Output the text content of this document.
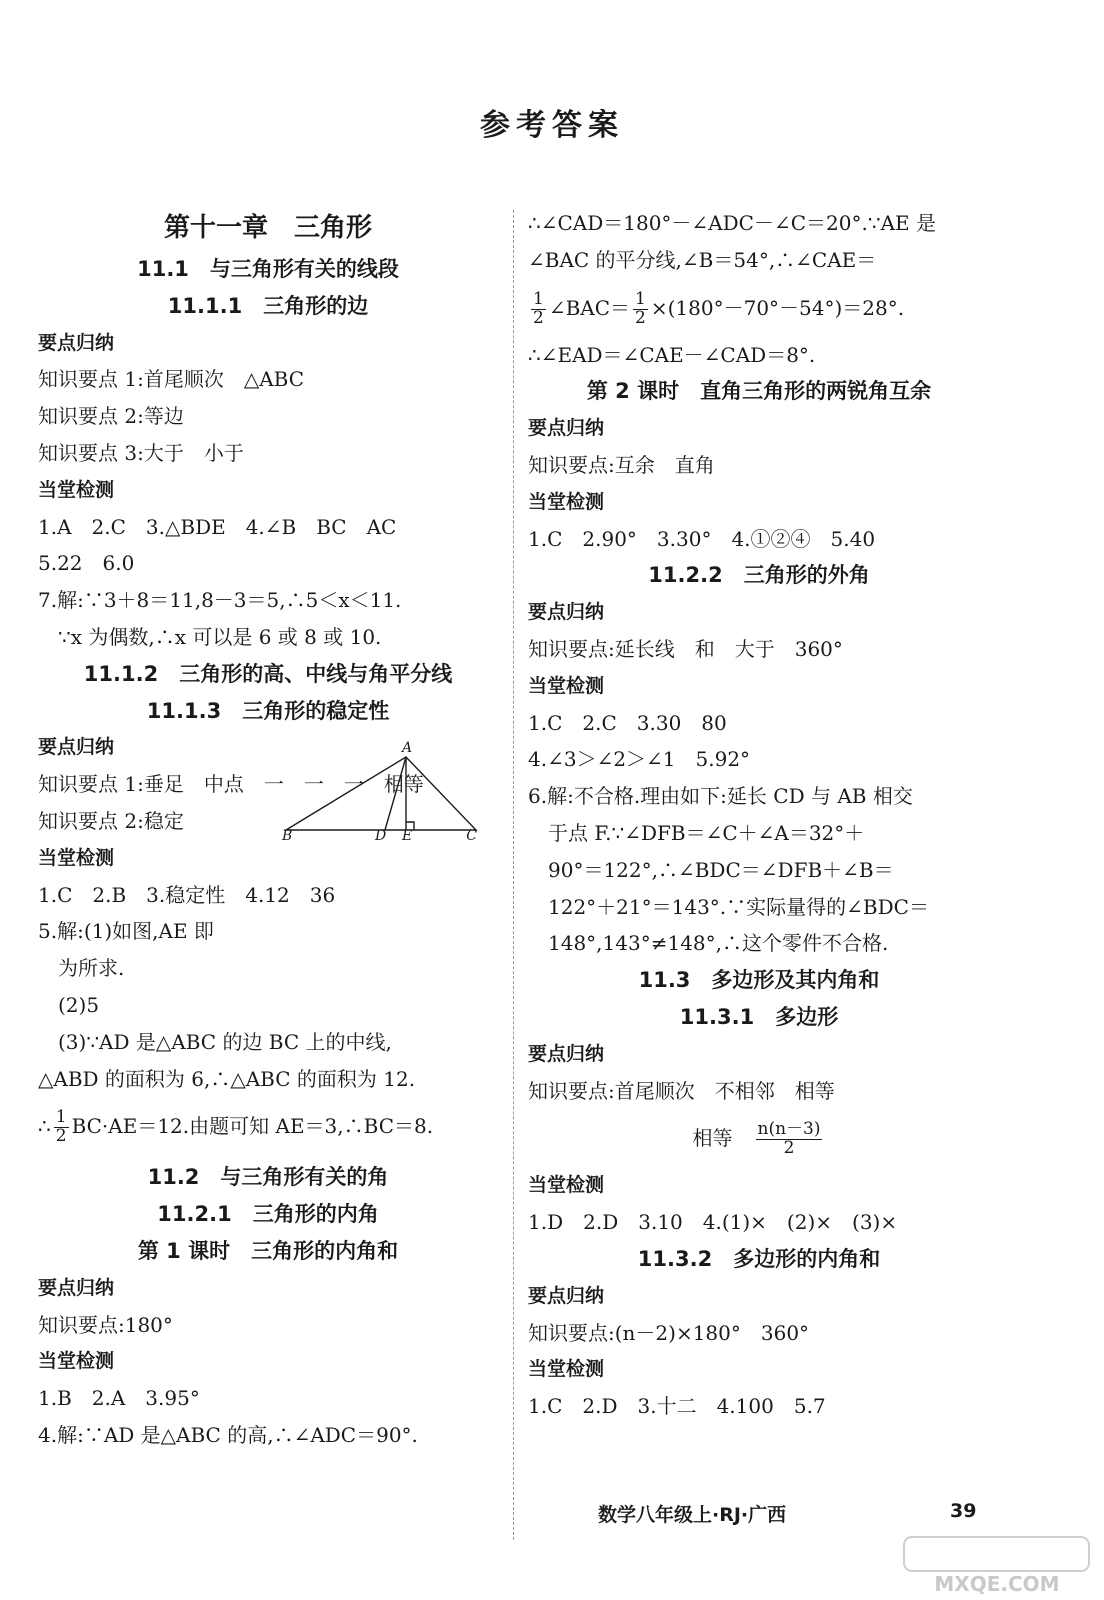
参考答案
第十一章　三角形
11.1　与三角形有关的线段
11.1.1　三角形的边
要点归纳
知识要点 1:首尾顺次　△ABC
知识要点 2:等边
知识要点 3:大于　小于
当堂检测
1.A　2.C　3.△BDE　4.∠B　BC　AC
5.22　6.0
7.解:∵3＋8＝11,8－3＝5,∴5＜x＜11.
∵x 为偶数,∴x 可以是 6 或 8 或 10.
11.1.2　三角形的高、中线与角平分线
11.1.3　三角形的稳定性
要点归纳
知识要点 1:垂足　中点　一　一　一　相等
知识要点 2:稳定
当堂检测
1.C　2.B　3.稳定性　4.12　36
5.解:(1)如图,AE 即
为所求.
(2)5
(3)∵AD 是△ABC 的边 BC 上的中线,
△ABD 的面积为 6,∴△ABC 的面积为 12.
∴ $\frac{1}{2} BC\cdot AE=12$.由题可知 AE＝3,∴BC＝8.
11.2　与三角形有关的角
11.2.1　三角形的内角
第 1 课时　三角形的内角和
要点归纳
知识要点:180°
当堂检测
1.B　2.A　3.95°
4.解:∵AD 是△ABC 的高,∴∠ADC＝90°.
A
B	C
D E
∴∠CAD＝180°－∠ADC－∠C＝20°.∵AE 是
∠BAC 的平分线,∠B＝54°,∴∠CAE＝
$\frac{1}{2}$ ∠BAC＝ $\frac{1}{2} \times(180^\circ-70^\circ-54^\circ)=28^\circ$.
∴∠EAD＝∠CAE－∠CAD＝8°.
第 2 课时　直角三角形的两锐角互余
要点归纳
知识要点:互余　直角
当堂检测
1.C　2.90°　3.30°　4.①②④　5.40
11.2.2　三角形的外角
要点归纳
知识要点:延长线　和　大于　360°
当堂检测
1.C　2.C　3.30　80
4.∠3＞∠2＞∠1　5.92°
6.解:不合格.理由如下:延长 CD 与 AB 相交
于点 F.∵∠DFB＝∠C＋∠A＝32°＋
90°＝122°,∴∠BDC＝∠DFB＋∠B＝
122°＋21°＝143°.∵实际量得的∠BDC＝
148°,143°≠148°,∴这个零件不合格.
11.3　多边形及其内角和
11.3.1　多边形
要点归纳
知识要点:首尾顺次　不相邻　相等
相等　 $\frac{n(n-3)}{2}$
当堂检测
1.D　2.D　3.10　4.(1)×　(2)×　(3)×
11.3.2　多边形的内角和
要点归纳
知识要点:(n－2)×180°　360°
当堂检测
1.C　2.D　3.十二　4.100　5.7
数学八年级上·RJ·广西	39
MXQE.COM
